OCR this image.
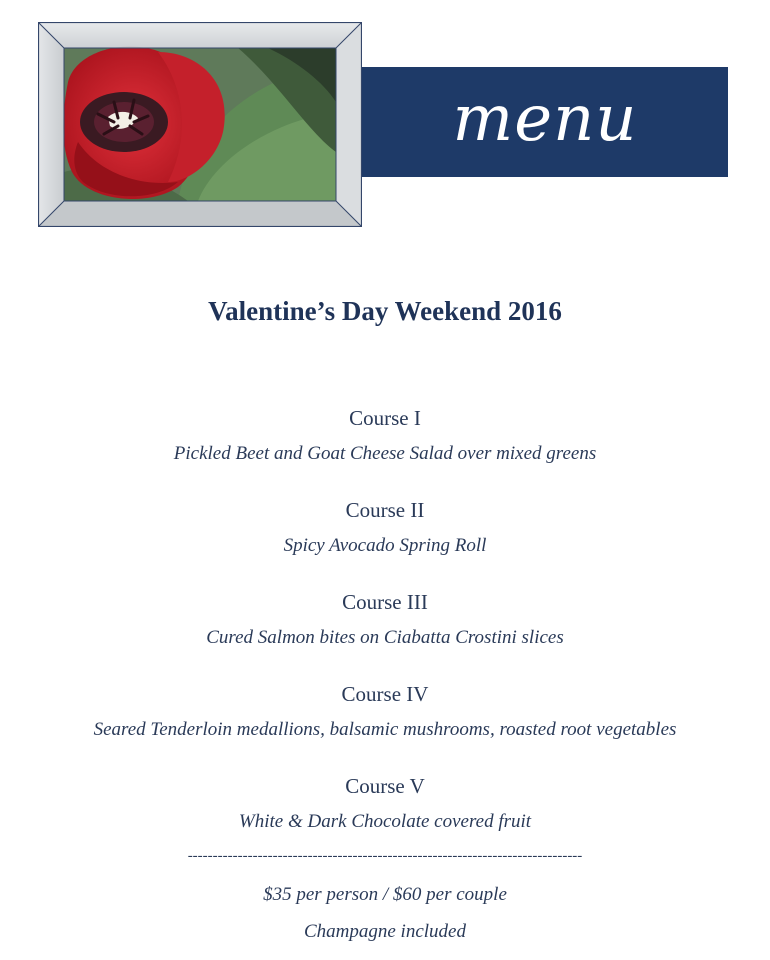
menu
Valentine’s Day Weekend 2016
Course I
Pickled Beet and Goat Cheese Salad over mixed greens
Course II
Spicy Avocado Spring Roll
Course III
Cured Salmon bites on Ciabatta Crostini slices
Course IV
Seared Tenderloin medallions, balsamic mushrooms, roasted root vegetables
Course V
White & Dark Chocolate covered fruit
-------------------------------------------------------------------------------
$35 per person / $60 per couple
Champagne included
